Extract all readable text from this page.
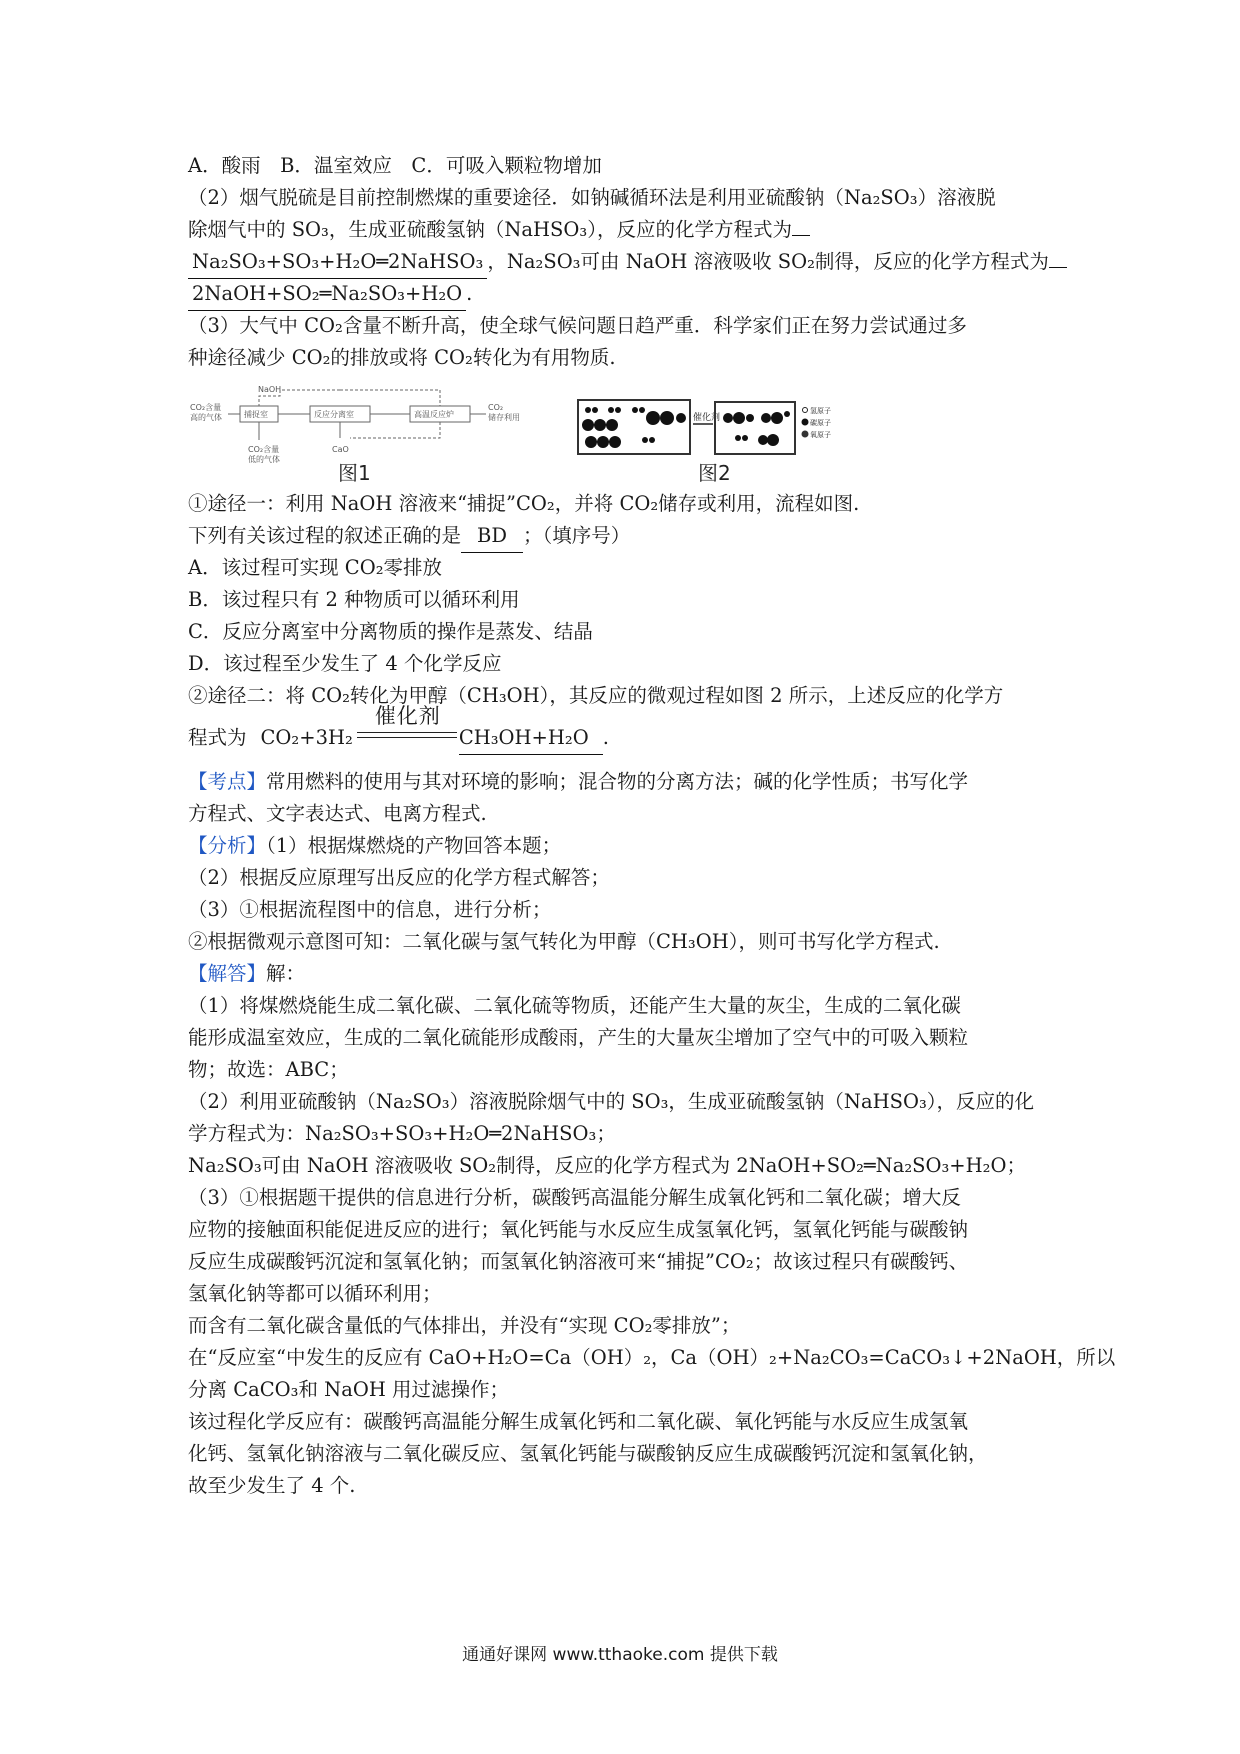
A．酸雨　B．温室效应　C．可吸入颗粒物增加
（2）烟气脱硫是目前控制燃煤的重要途径．如钠碱循环法是利用亚硫酸钠（Na₂SO₃）溶液脱
除烟气中的 SO₃，生成亚硫酸氢钠（NaHSO₃），反应的化学方程式为
Na₂SO₃+SO₃+H₂O═2NaHSO₃ ，Na₂SO₃可由 NaOH 溶液吸收 SO₂制得，反应的化学方程式为
2NaOH+SO₂═Na₂SO₃+H₂O .
（3）大气中 CO₂含量不断升高，使全球气候问题日趋严重．科学家们正在努力尝试通过多
种途径减少 CO₂的排放或将 CO₂转化为有用物质.
CO₂含量
高的气体	捕捉室	反应分离室	高温反应炉
CO₂
储存利用
NaOH
CaO
CO₂含量
低的气体
图1
催化剂
氢原子
碳原子
氧原子
图2
①途径一：利用 NaOH 溶液来“捕捉”CO₂，并将 CO₂储存或利用，流程如图.
下列有关该过程的叙述正确的是 BD ；（填序号）
A．该过程可实现 CO₂零排放
B．该过程只有 2 种物质可以循环利用
C．反应分离室中分离物质的操作是蒸发、结晶
D．该过程至少发生了 4 个化学反应
②途径二：将 CO₂转化为甲醇（CH₃OH），其反应的微观过程如图 2 所示，上述反应的化学方
程式为 CO₂+3H₂
催化剂
CH₃OH+H₂O .
【考点】常用燃料的使用与其对环境的影响；混合物的分离方法；碱的化学性质；书写化学
方程式、文字表达式、电离方程式.
【分析】（1）根据煤燃烧的产物回答本题；
（2）根据反应原理写出反应的化学方程式解答；
（3）①根据流程图中的信息，进行分析；
②根据微观示意图可知：二氧化碳与氢气转化为甲醇（CH₃OH），则可书写化学方程式.
【解答】解：
（1）将煤燃烧能生成二氧化碳、二氧化硫等物质，还能产生大量的灰尘，生成的二氧化碳
能形成温室效应，生成的二氧化硫能形成酸雨，产生的大量灰尘增加了空气中的可吸入颗粒
物；故选：ABC；
（2）利用亚硫酸钠（Na₂SO₃）溶液脱除烟气中的 SO₃，生成亚硫酸氢钠（NaHSO₃），反应的化
学方程式为：Na₂SO₃+SO₃+H₂O═2NaHSO₃；
Na₂SO₃可由 NaOH 溶液吸收 SO₂制得，反应的化学方程式为 2NaOH+SO₂═Na₂SO₃+H₂O；
（3）①根据题干提供的信息进行分析，碳酸钙高温能分解生成氧化钙和二氧化碳；增大反
应物的接触面积能促进反应的进行；氧化钙能与水反应生成氢氧化钙，氢氧化钙能与碳酸钠
反应生成碳酸钙沉淀和氢氧化钠；而氢氧化钠溶液可来“捕捉”CO₂；故该过程只有碳酸钙、
氢氧化钠等都可以循环利用；
而含有二氧化碳含量低的气体排出，并没有“实现 CO₂零排放”；
在“反应室“中发生的反应有 CaO+H₂O=Ca（OH）₂，Ca（OH）₂+Na₂CO₃=CaCO₃↓+2NaOH，所以
分离 CaCO₃和 NaOH 用过滤操作；
该过程化学反应有：碳酸钙高温能分解生成氧化钙和二氧化碳、氧化钙能与水反应生成氢氧
化钙、氢氧化钠溶液与二氧化碳反应、氢氧化钙能与碳酸钠反应生成碳酸钙沉淀和氢氧化钠，
故至少发生了 4 个.
通通好课网 www.tthaoke.com 提供下载
